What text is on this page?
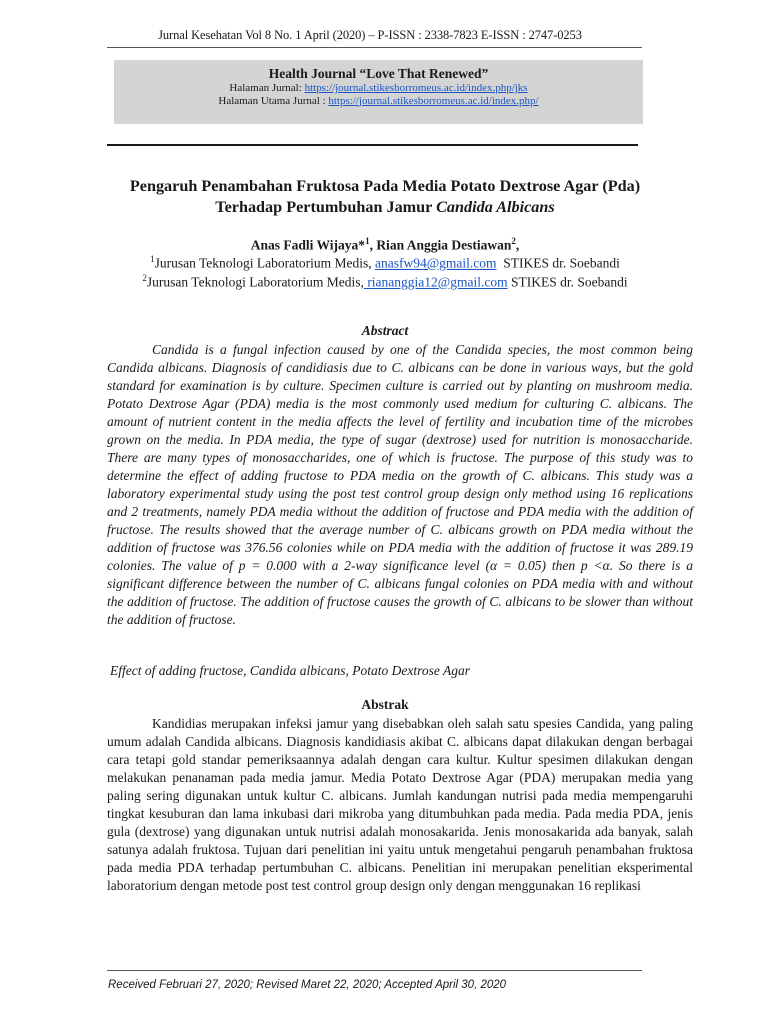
Jurnal Kesehatan Vol 8 No. 1 April (2020) – P-ISSN : 2338-7823 E-ISSN : 2747-0253
Health Journal “Love That Renewed”
Halaman Jurnal: https://journal.stikesborromeus.ac.id/index.php/jks
Halaman Utama Jurnal : https://journal.stikesborromeus.ac.id/index.php/
Pengaruh Penambahan Fruktosa Pada Media Potato Dextrose Agar (Pda)
Terhadap Pertumbuhan Jamur Candida Albicans
Anas Fadli Wijaya*$^1$, Rian Anggia Destiawan$^2$,
$^1$Jurusan Teknologi Laboratorium Medis, anasfw94@gmail.com  STIKES dr. Soebandi
$^2$Jurusan Teknologi Laboratorium Medis, riananggia12@gmail.com STIKES dr. Soebandi
Abstract

Candida is a fungal infection caused by one of the Candida species, the most common being Candida albicans. Diagnosis of candidiasis due to C. albicans can be done in various ways, but the gold standard for examination is by culture. Specimen culture is carried out by planting on mushroom media. Potato Dextrose Agar (PDA) media is the most commonly used medium for culturing C. albicans. The amount of nutrient content in the media affects the level of fertility and incubation time of the microbes grown on the media. In PDA media, the type of sugar (dextrose) used for nutrition is monosaccharide. There are many types of monosaccharides, one of which is fructose. The purpose of this study was to determine the effect of adding fructose to PDA media on the growth of C. albicans. This study was a laboratory experimental study using the post test control group design only method using 16 replications and 2 treatments, namely PDA media without the addition of fructose and PDA media with the addition of fructose. The results showed that the average number of C. albicans growth on PDA media without the addition of fructose was 376.56 colonies while on PDA media with the addition of fructose it was 289.19 colonies. The value of p = 0.000 with a 2-way significance level (α = 0.05) then p <α. So there is a significant difference between the number of C. albicans fungal colonies on PDA media with and without the addition of fructose. The addition of fructose causes the growth of C. albicans to be slower than without the addition of fructose.

Effect of adding fructose, Candida albicans, Potato Dextrose Agar
Abstrak

Kandidias merupakan infeksi jamur yang disebabkan oleh salah satu spesies Candida, yang paling umum adalah Candida albicans. Diagnosis kandidiasis akibat C. albicans dapat dilakukan dengan berbagai cara tetapi gold standar pemeriksaannya adalah dengan cara kultur. Kultur spesimen dilakukan dengan melakukan penanaman pada media jamur. Media Potato Dextrose Agar (PDA) merupakan media yang paling sering digunakan untuk kultur C. albicans. Jumlah kandungan nutrisi pada media mempengaruhi tingkat kesuburan dan lama inkubasi dari mikroba yang ditumbuhkan pada media. Pada media PDA, jenis gula (dextrose) yang digunakan untuk nutrisi adalah monosakarida. Jenis monosakarida ada banyak, salah satunya adalah fruktosa. Tujuan dari penelitian ini yaitu untuk mengetahui pengaruh penambahan fruktosa pada media PDA terhadap pertumbuhan C. albicans. Penelitian ini merupakan penelitian eksperimental laboratorium dengan metode post test control group design only dengan menggunakan 16 replikasi

Received Februari 27, 2020; Revised Maret 22, 2020; Accepted April 30, 2020
